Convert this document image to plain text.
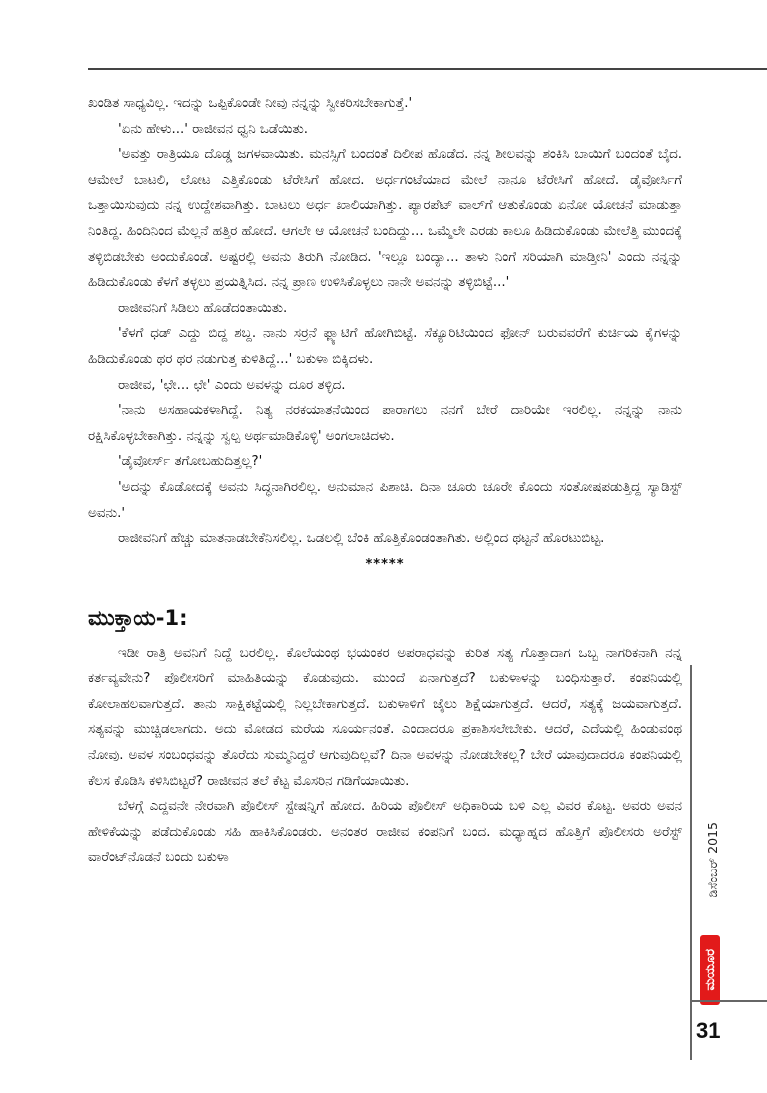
ಖಂಡಿತ ಸಾಧ್ಯವಿಲ್ಲ. ಇದನ್ನು ಒಪ್ಪಿಕೊಂಡೇ ನೀವು ನನ್ನನ್ನು ಸ್ವೀಕರಿಸಬೇಕಾಗುತ್ತೆ.'

'ಏನು ಹೇಳು...' ರಾಜೀವನ ಧ್ವನಿ ಒಡೆಯಿತು.

'ಅವತ್ತು ರಾತ್ರಿಯೂ ದೊಡ್ಡ ಜಗಳವಾಯಿತು. ಮನಸ್ಸಿಗೆ ಬಂದಂತೆ ದಿಲೀಪ ಹೊಡೆದ. ನನ್ನ ಶೀಲವನ್ನು ಶಂಕಿಸಿ ಬಾಯಿಗೆ ಬಂದಂತೆ ಬೈದ. ಆಮೇಲೆ ಬಾಟಲಿ, ಲೋಟ ಎತ್ತಿಕೊಂಡು ಟೆರೇಸಿಗೆ ಹೋದ. ಅರ್ಧಗಂಟೆಯಾದ ಮೇಲೆ ನಾನೂ ಟೆರೇಸಿಗೆ ಹೋದೆ. ಡೈವೋರ್ಸಿಗೆ ಒತ್ತಾಯಿಸುವುದು ನನ್ನ ಉದ್ದೇಶವಾಗಿತ್ತು. ಬಾಟಲು ಅರ್ಧ ಖಾಲಿಯಾಗಿತ್ತು. ಪ್ಯಾರಪೆಟ್ ವಾಲ್‌ಗೆ ಆತುಕೊಂಡು ಏನೋ ಯೋಚನೆ ಮಾಡುತ್ತಾ ನಿಂತಿದ್ದ. ಹಿಂದಿನಿಂದ ಮೆಲ್ಲನೆ ಹತ್ತಿರ ಹೋದೆ. ಆಗಲೇ ಆ ಯೋಚನೆ ಬಂದಿದ್ದು... ಒಮ್ಮೆಲೇ ಎರಡು ಕಾಲೂ ಹಿಡಿದುಕೊಂಡು ಮೇಲೆತ್ತಿ ಮುಂದಕ್ಕೆ ತಳ್ಳಿಬಿಡಬೇಕು ಅಂದುಕೊಂಡೆ. ಅಷ್ಟರಲ್ಲಿ ಅವನು ತಿರುಗಿ ನೋಡಿದ. 'ಇಲ್ಲೂ ಬಂದ್ಯಾ... ತಾಳು ನಿಂಗೆ ಸರಿಯಾಗಿ ಮಾಡ್ತೀನಿ' ಎಂದು ನನ್ನನ್ನು ಹಿಡಿದುಕೊಂಡು ಕೆಳಗೆ ತಳ್ಳಲು ಪ್ರಯತ್ನಿಸಿದ. ನನ್ನ ಪ್ರಾಣ ಉಳಿಸಿಕೊಳ್ಳಲು ನಾನೇ ಅವನನ್ನು ತಳ್ಳಿಬಿಟ್ಟೆ...'

ರಾಜೀವನಿಗೆ ಸಿಡಿಲು ಹೊಡೆದಂತಾಯಿತು.

'ಕೆಳಗೆ ಧಡ್ ಎದ್ದು ಬಿದ್ದ ಶಬ್ದ. ನಾನು ಸರ್ರನೆ ಫ್ಲ್ಯಾಟಿಗೆ ಹೋಗಿಬಿಟ್ಟೆ. ಸೆಕ್ಯೂರಿಟಿಯಿಂದ ಫೋನ್ ಬರುವವರೆಗೆ ಕುರ್ಚಿಯ ಕೈಗಳನ್ನು ಹಿಡಿದುಕೊಂಡು ಥರ ಥರ ನಡುಗುತ್ತ ಕುಳಿತಿದ್ದೆ...' ಬಕುಳಾ ಬಿಕ್ಕಿದಳು.

ರಾಜೀವ, 'ಛೇ... ಛೇ' ಎಂದು ಅವಳನ್ನು ದೂರ ತಳ್ಳಿದ.

'ನಾನು ಅಸಹಾಯಕಳಾಗಿದ್ದೆ. ನಿತ್ಯ ನರಕಯಾತನೆಯಿಂದ ಪಾರಾಗಲು ನನಗೆ ಬೇರೆ ದಾರಿಯೇ ಇರಲಿಲ್ಲ. ನನ್ನನ್ನು ನಾನು ರಕ್ಷಿಸಿಕೊಳ್ಳಬೇಕಾಗಿತ್ತು. ನನ್ನನ್ನು ಸ್ವಲ್ಪ ಅರ್ಥಮಾಡಿಕೊಳ್ಳಿ' ಅಂಗಲಾಚಿದಳು.

'ಡೈವೋರ್ಸ್ ತಗೋಬಹುದಿತ್ತಲ್ಲ?'

'ಅದನ್ನು ಕೊಡೋದಕ್ಕೆ ಅವನು ಸಿದ್ಧನಾಗಿರಲಿಲ್ಲ. ಅನುಮಾನ ಪಿಶಾಚಿ. ದಿನಾ ಚೂರು ಚೂರೇ ಕೊಂದು ಸಂತೋಷಪಡುತ್ತಿದ್ದ ಸ್ಯಾಡಿಸ್ಟ್ ಅವನು.'

ರಾಜೀವನಿಗೆ ಹೆಚ್ಚು ಮಾತನಾಡಬೇಕೆನಿಸಲಿಲ್ಲ. ಒಡಲಲ್ಲಿ ಬೆಂಕಿ ಹೊತ್ತಿಕೊಂಡಂತಾಗಿತು. ಅಲ್ಲಿಂದ ಥಟ್ಟನೆ ಹೊರಟುಬಿಟ್ಟ.

*****
ಮುಕ್ತಾಯ-1:

ಇಡೀ ರಾತ್ರಿ ಅವನಿಗೆ ನಿದ್ದೆ ಬರಲಿಲ್ಲ. ಕೊಲೆಯಂಥ ಭಯಂಕರ ಅಪರಾಧವನ್ನು ಕುರಿತ ಸತ್ಯ ಗೊತ್ತಾದಾಗ ಒಬ್ಬ ನಾಗರಿಕನಾಗಿ ನನ್ನ ಕರ್ತವ್ಯವೇನು? ಪೊಲೀಸರಿಗೆ ಮಾಹಿತಿಯನ್ನು ಕೊಡುವುದು. ಮುಂದೆ ಏನಾಗುತ್ತದೆ? ಬಕುಳಾಳನ್ನು ಬಂಧಿಸುತ್ತಾರೆ. ಕಂಪನಿಯಲ್ಲಿ ಕೋಲಾಹಲವಾಗುತ್ತದೆ. ತಾನು ಸಾಕ್ಷಿಕಟ್ಟೆಯಲ್ಲಿ ನಿಲ್ಲಬೇಕಾಗುತ್ತದೆ. ಬಕುಳಾಳಿಗೆ ಜೈಲು ಶಿಕ್ಷೆಯಾಗುತ್ತದೆ. ಆದರೆ, ಸತ್ಯಕ್ಕೆ ಜಯವಾಗುತ್ತದೆ. ಸತ್ಯವನ್ನು ಮುಚ್ಚಿಡಲಾಗದು. ಅದು ಮೋಡದ ಮರೆಯ ಸೂರ್ಯನಂತೆ. ಎಂದಾದರೂ ಪ್ರಕಾಶಿಸಲೇಬೇಕು. ಆದರೆ, ಎದೆಯಲ್ಲಿ ಹಿಂಡುವಂಥ ನೋವು. ಅವಳ ಸಂಬಂಧವನ್ನು ತೊರೆದು ಸುಮ್ಮನಿದ್ದರೆ ಆಗುವುದಿಲ್ಲವೆ? ದಿನಾ ಅವಳನ್ನು ನೋಡಬೇಕಲ್ಲ? ಬೇರೆ ಯಾವುದಾದರೂ ಕಂಪನಿಯಲ್ಲಿ ಕೆಲಸ ಕೊಡಿಸಿ ಕಳಿಸಿಬಿಟ್ಟರೆ? ರಾಜೀವನ ತಲೆ ಕೆಟ್ಟ ಮೊಸರಿನ ಗಡಿಗೆಯಾಯಿತು.

ಬೆಳಗ್ಗೆ ಎದ್ದವನೇ ನೇರವಾಗಿ ಪೊಲೀಸ್ ಸ್ಟೇಷನ್ನಿಗೆ ಹೋದ. ಹಿರಿಯ ಪೊಲೀಸ್ ಅಧಿಕಾರಿಯ ಬಳಿ ಎಲ್ಲ ವಿವರ ಕೊಟ್ಟ. ಅವರು ಅವನ ಹೇಳಿಕೆಯನ್ನು ಪಡೆದುಕೊಂಡು ಸಹಿ ಹಾಕಿಸಿಕೊಂಡರು. ಅನಂತರ ರಾಜೀವ ಕಂಪನಿಗೆ ಬಂದ. ಮಧ್ಯಾಹ್ನದ ಹೊತ್ತಿಗೆ ಪೊಲೀಸರು ಅರೆಸ್ಟ್ ವಾರೆಂಟ್‌ನೊಡನೆ ಬಂದು ಬಕುಳಾ	ಡಿಸೆಂಬರ್ 2015
ಮಯೂರ
31
